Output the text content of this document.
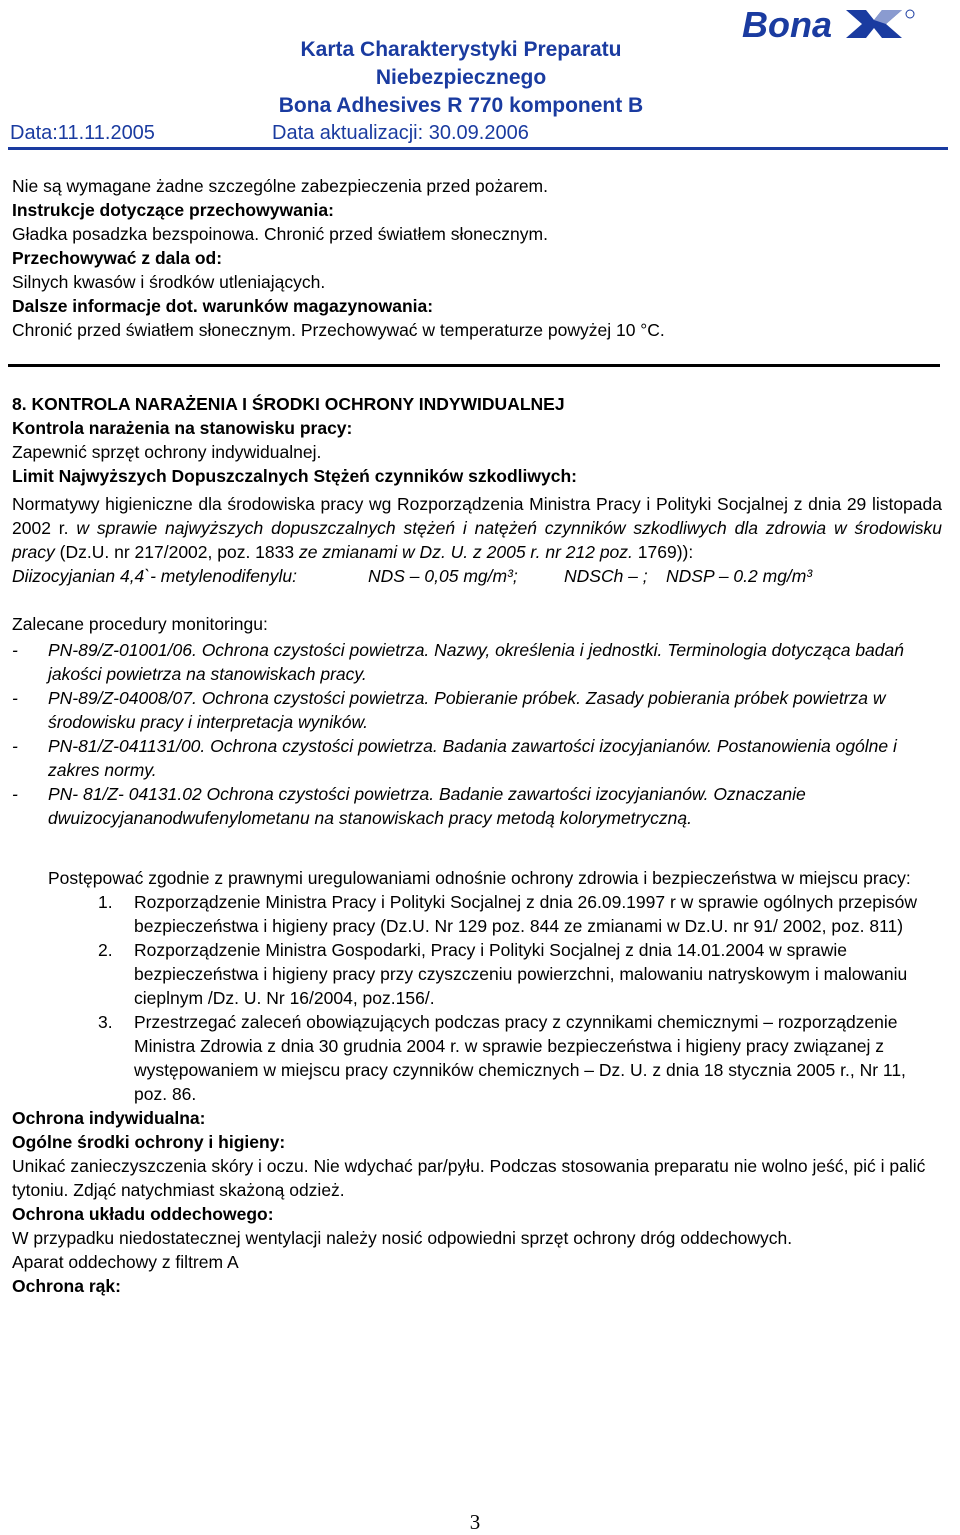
Bona
Karta Charakterystyki Preparatu
Niebezpiecznego
Bona Adhesives R 770 komponent B
Data:11.11.2005	Data aktualizacji: 30.09.2006

Nie są wymagane żadne szczególne zabezpieczenia przed pożarem.

Instrukcje dotyczące przechowywania:

Gładka posadzka bezspoinowa. Chronić przed światłem słonecznym.

Przechowywać z dala od:

Silnych kwasów i środków utleniających.

Dalsze informacje dot. warunków magazynowania:

Chronić przed światłem słonecznym. Przechowywać w temperaturze powyżej 10 °C.

8. KONTROLA NARAŻENIA I ŚRODKI OCHRONY INDYWIDUALNEJ

Kontrola narażenia na stanowisku pracy:

Zapewnić sprzęt ochrony indywidualnej.

Limit Najwyższych Dopuszczalnych Stężeń czynników szkodliwych:

Normatywy higieniczne dla środowiska pracy wg Rozporządzenia Ministra Pracy i Polityki Socjalnej z dnia 29 listopada 2002 r. w sprawie najwyższych dopuszczalnych stężeń i natężeń czynników szkodliwych dla zdrowia w środowisku pracy (Dz.U. nr 217/2002, poz. 1833 ze zmianami w Dz. U. z 2005 r. nr 212 poz. 1769)):

Diizocyjanian 4,4`- metylenodifenylu:	NDS – 0,05 mg/m³;	NDSCh – ;	NDSP – 0.2 mg/m³

Zalecane procedury monitoringu:

- PN-89/Z-01001/06. Ochrona czystości powietrza. Nazwy, określenia i jednostki. Terminologia dotycząca badań jakości powietrza na stanowiskach pracy.
- PN-89/Z-04008/07. Ochrona czystości powietrza. Pobieranie próbek. Zasady pobierania próbek powietrza w środowisku pracy i interpretacja wyników.
- PN-81/Z-041131/00. Ochrona czystości powietrza. Badania zawartości izocyjanianów. Postanowienia ogólne i zakres normy.
- PN- 81/Z- 04131.02 Ochrona czystości powietrza. Badanie zawartości izocyjanianów. Oznaczanie dwuizocyjananodwufenylometanu na stanowiskach pracy metodą kolorymetryczną.

Postępować zgodnie z prawnymi uregulowaniami odnośnie ochrony zdrowia i bezpieczeństwa w miejscu pracy:

1. Rozporządzenie Ministra Pracy i Polityki Socjalnej z dnia 26.09.1997 r w sprawie ogólnych przepisów bezpieczeństwa i higieny pracy (Dz.U. Nr 129 poz. 844 ze zmianami w Dz.U. nr 91/ 2002, poz. 811)
2. Rozporządzenie Ministra Gospodarki, Pracy i Polityki Socjalnej z dnia 14.01.2004 w sprawie bezpieczeństwa i higieny pracy przy czyszczeniu powierzchni, malowaniu natryskowym i malowaniu cieplnym /Dz. U. Nr 16/2004, poz.156/.
3. Przestrzegać zaleceń obowiązujących podczas pracy z czynnikami chemicznymi – rozporządzenie Ministra Zdrowia z dnia 30 grudnia 2004 r. w sprawie bezpieczeństwa i higieny pracy związanej z występowaniem w miejscu pracy czynników chemicznych – Dz. U. z dnia 18 stycznia 2005 r., Nr 11, poz. 86.

Ochrona indywidualna:

Ogólne środki ochrony i higieny:

Unikać zanieczyszczenia skóry i oczu. Nie wdychać par/pyłu. Podczas stosowania preparatu nie wolno jeść, pić i palić tytoniu. Zdjąć natychmiast skażoną odzież.

Ochrona układu oddechowego:

W przypadku niedostatecznej wentylacji należy nosić odpowiedni sprzęt ochrony dróg oddechowych.

Aparat oddechowy z filtrem A

Ochrona rąk:

3
